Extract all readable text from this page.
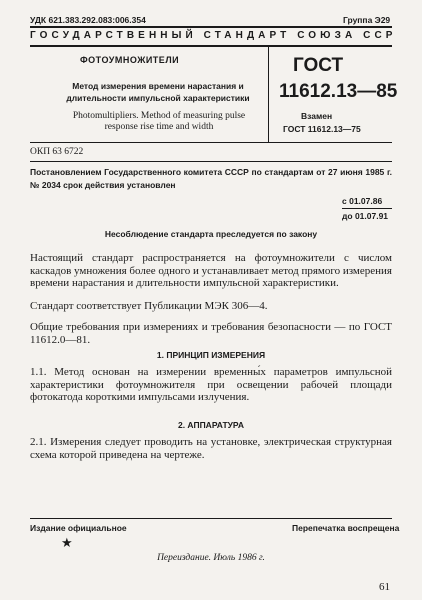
УДК 621.383.292.083:006.354	Группа Э29
ГОСУДАРСТВЕННЫЙ СТАНДАРТ СОЮЗА ССР
ФОТОУМНОЖИТЕЛИ
Метод измерения времени нарастания и длительности импульсной характеристики
Photomultipliers. Method of measuring pulse response rise time and width
ГОСТ
11612.13—85
Взамен
ГОСТ 11612.13—75
ОКП 63 6722
Постановлением Государственного комитета СССР по стандартам от 27 июня 1985 г. № 2034 срок действия установлен
с 01.07.86
до 01.07.91
Несоблюдение стандарта преследуется по закону
Настоящий стандарт распространяется на фотоумножители с числом каскадов умножения более одного и устанавливает метод прямого измерения времени нарастания и длительности импульсной характеристики.
Стандарт соответствует Публикации МЭК 306—4.
Общие требования при измерениях и требования безопасности — по ГОСТ 11612.0—81.
1. ПРИНЦИП ИЗМЕРЕНИЯ
1.1. Метод основан на измерении временны́х параметров импульсной характеристики фотоумножителя при освещении рабочей площади фотокатода короткими импульсами излучения.
2. АППАРАТУРА
2.1. Измерения следует проводить на установке, электрическая структурная схема которой приведена на чертеже.
Издание официальное	Перепечатка воспрещена
★
Переиздание. Июль 1986 г.
61
